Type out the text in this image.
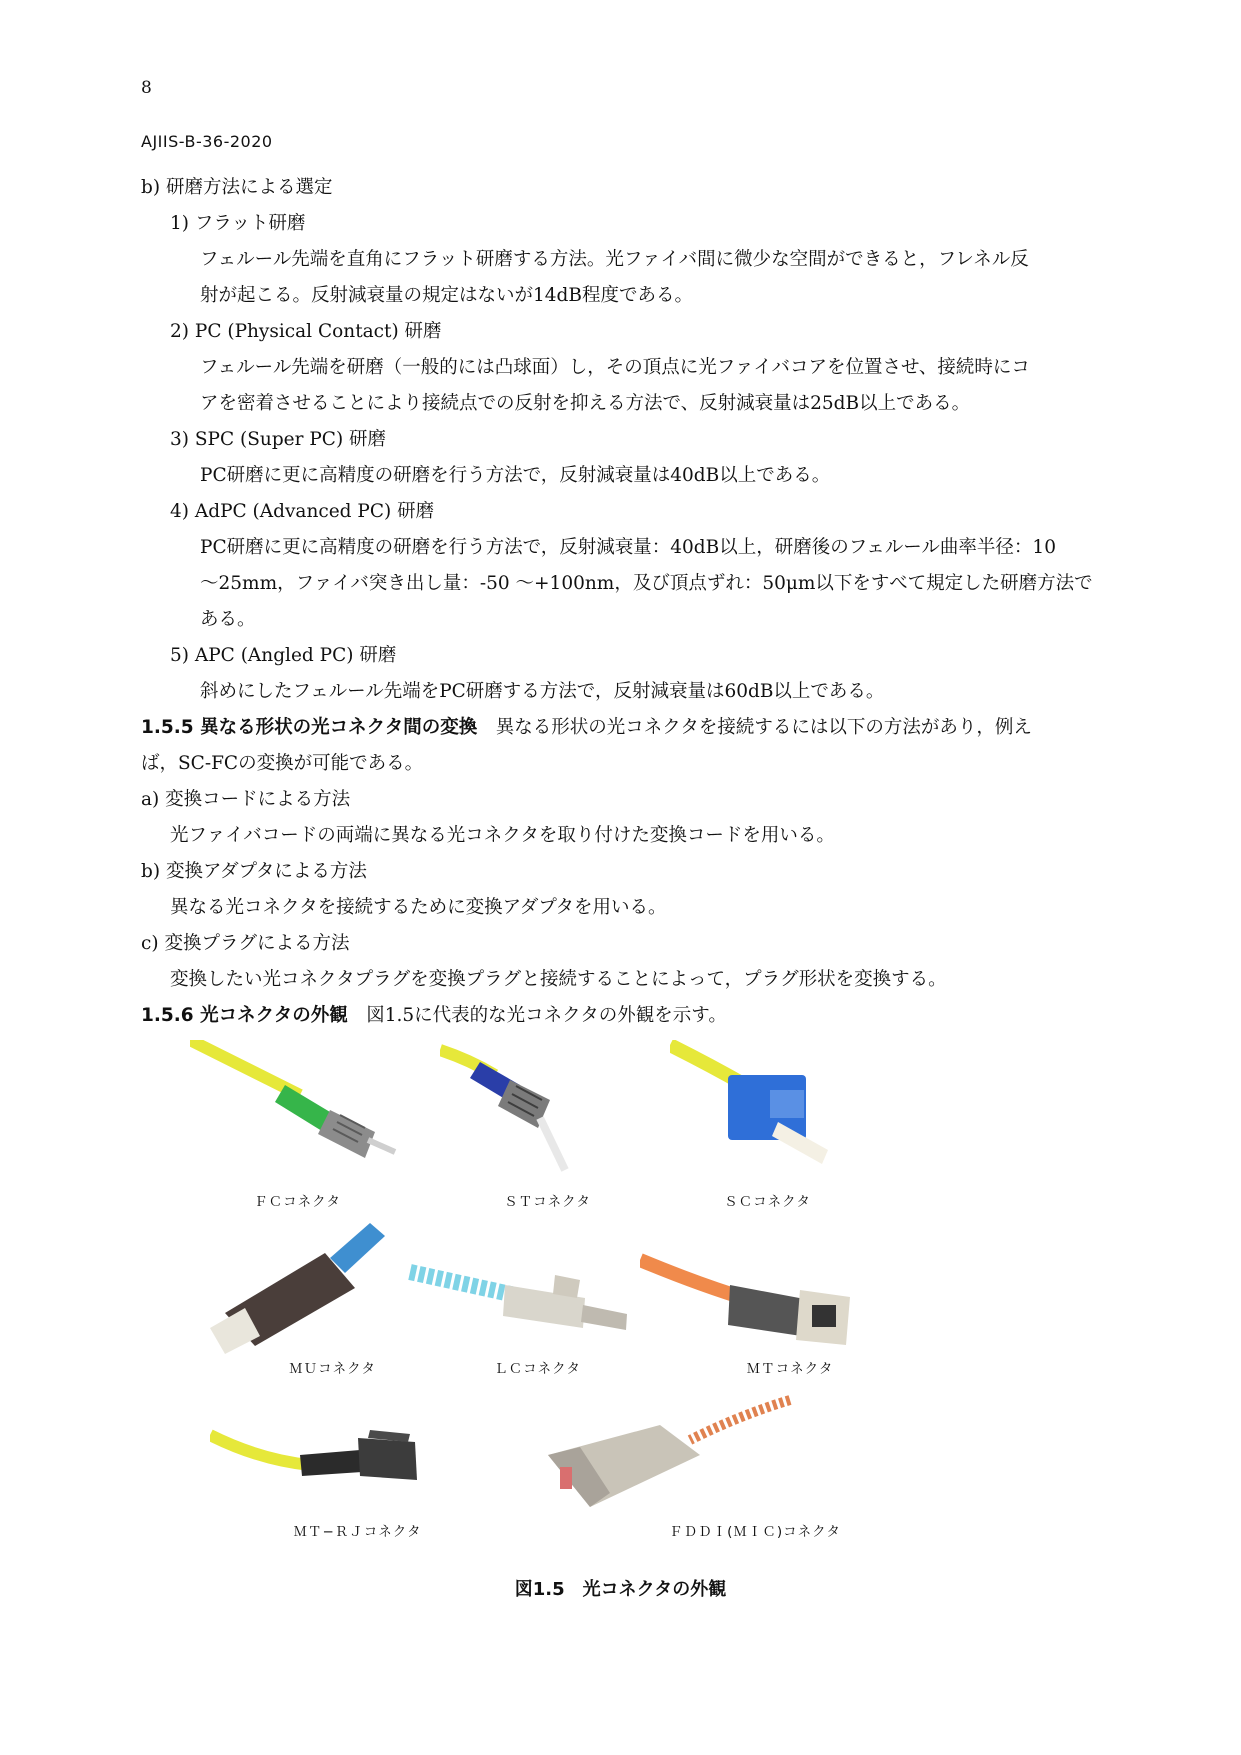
8
AJIIS-B-36-2020
b) 研磨方法による選定
1) フラット研磨
フェルール先端を直角にフラット研磨する方法。光ファイバ間に微少な空間ができると，フレネル反
射が起こる。反射減衰量の規定はないが14dB程度である。
2) PC (Physical Contact) 研磨
フェルール先端を研磨（一般的には凸球面）し，その頂点に光ファイバコアを位置させ、接続時にコ
アを密着させることにより接続点での反射を抑える方法で、反射減衰量は25dB以上である。
3) SPC (Super PC) 研磨
PC研磨に更に高精度の研磨を行う方法で，反射減衰量は40dB以上である。
4) AdPC (Advanced PC) 研磨
PC研磨に更に高精度の研磨を行う方法で，反射減衰量：40dB以上，研磨後のフェルール曲率半径：10
〜25mm，ファイバ突き出し量：-50 〜+100nm，及び頂点ずれ：50μm以下をすべて規定した研磨方法で
ある。
5) APC (Angled PC) 研磨
斜めにしたフェルール先端をPC研磨する方法で，反射減衰量は60dB以上である。
1.5.5 異なる形状の光コネクタ間の変換　異なる形状の光コネクタを接続するには以下の方法があり，例え
ば，SC-FCの変換が可能である。
a) 変換コードによる方法
光ファイバコードの両端に異なる光コネクタを取り付けた変換コードを用いる。
b) 変換アダプタによる方法
異なる光コネクタを接続するために変換アダプタを用いる。
c) 変換プラグによる方法
変換したい光コネクタプラグを変換プラグと接続することによって，プラグ形状を変換する。
1.5.6 光コネクタの外観　図1.5に代表的な光コネクタの外観を示す。
ＦＣコネクタ	ＳＴコネクタ	ＳＣコネクタ
ＭＵコネクタ	ＬＣコネクタ	ＭＴコネクタ
ＭＴ−ＲＪコネクタ	ＦＤＤＩ(ＭＩＣ)コネクタ
図1.5　光コネクタの外観
